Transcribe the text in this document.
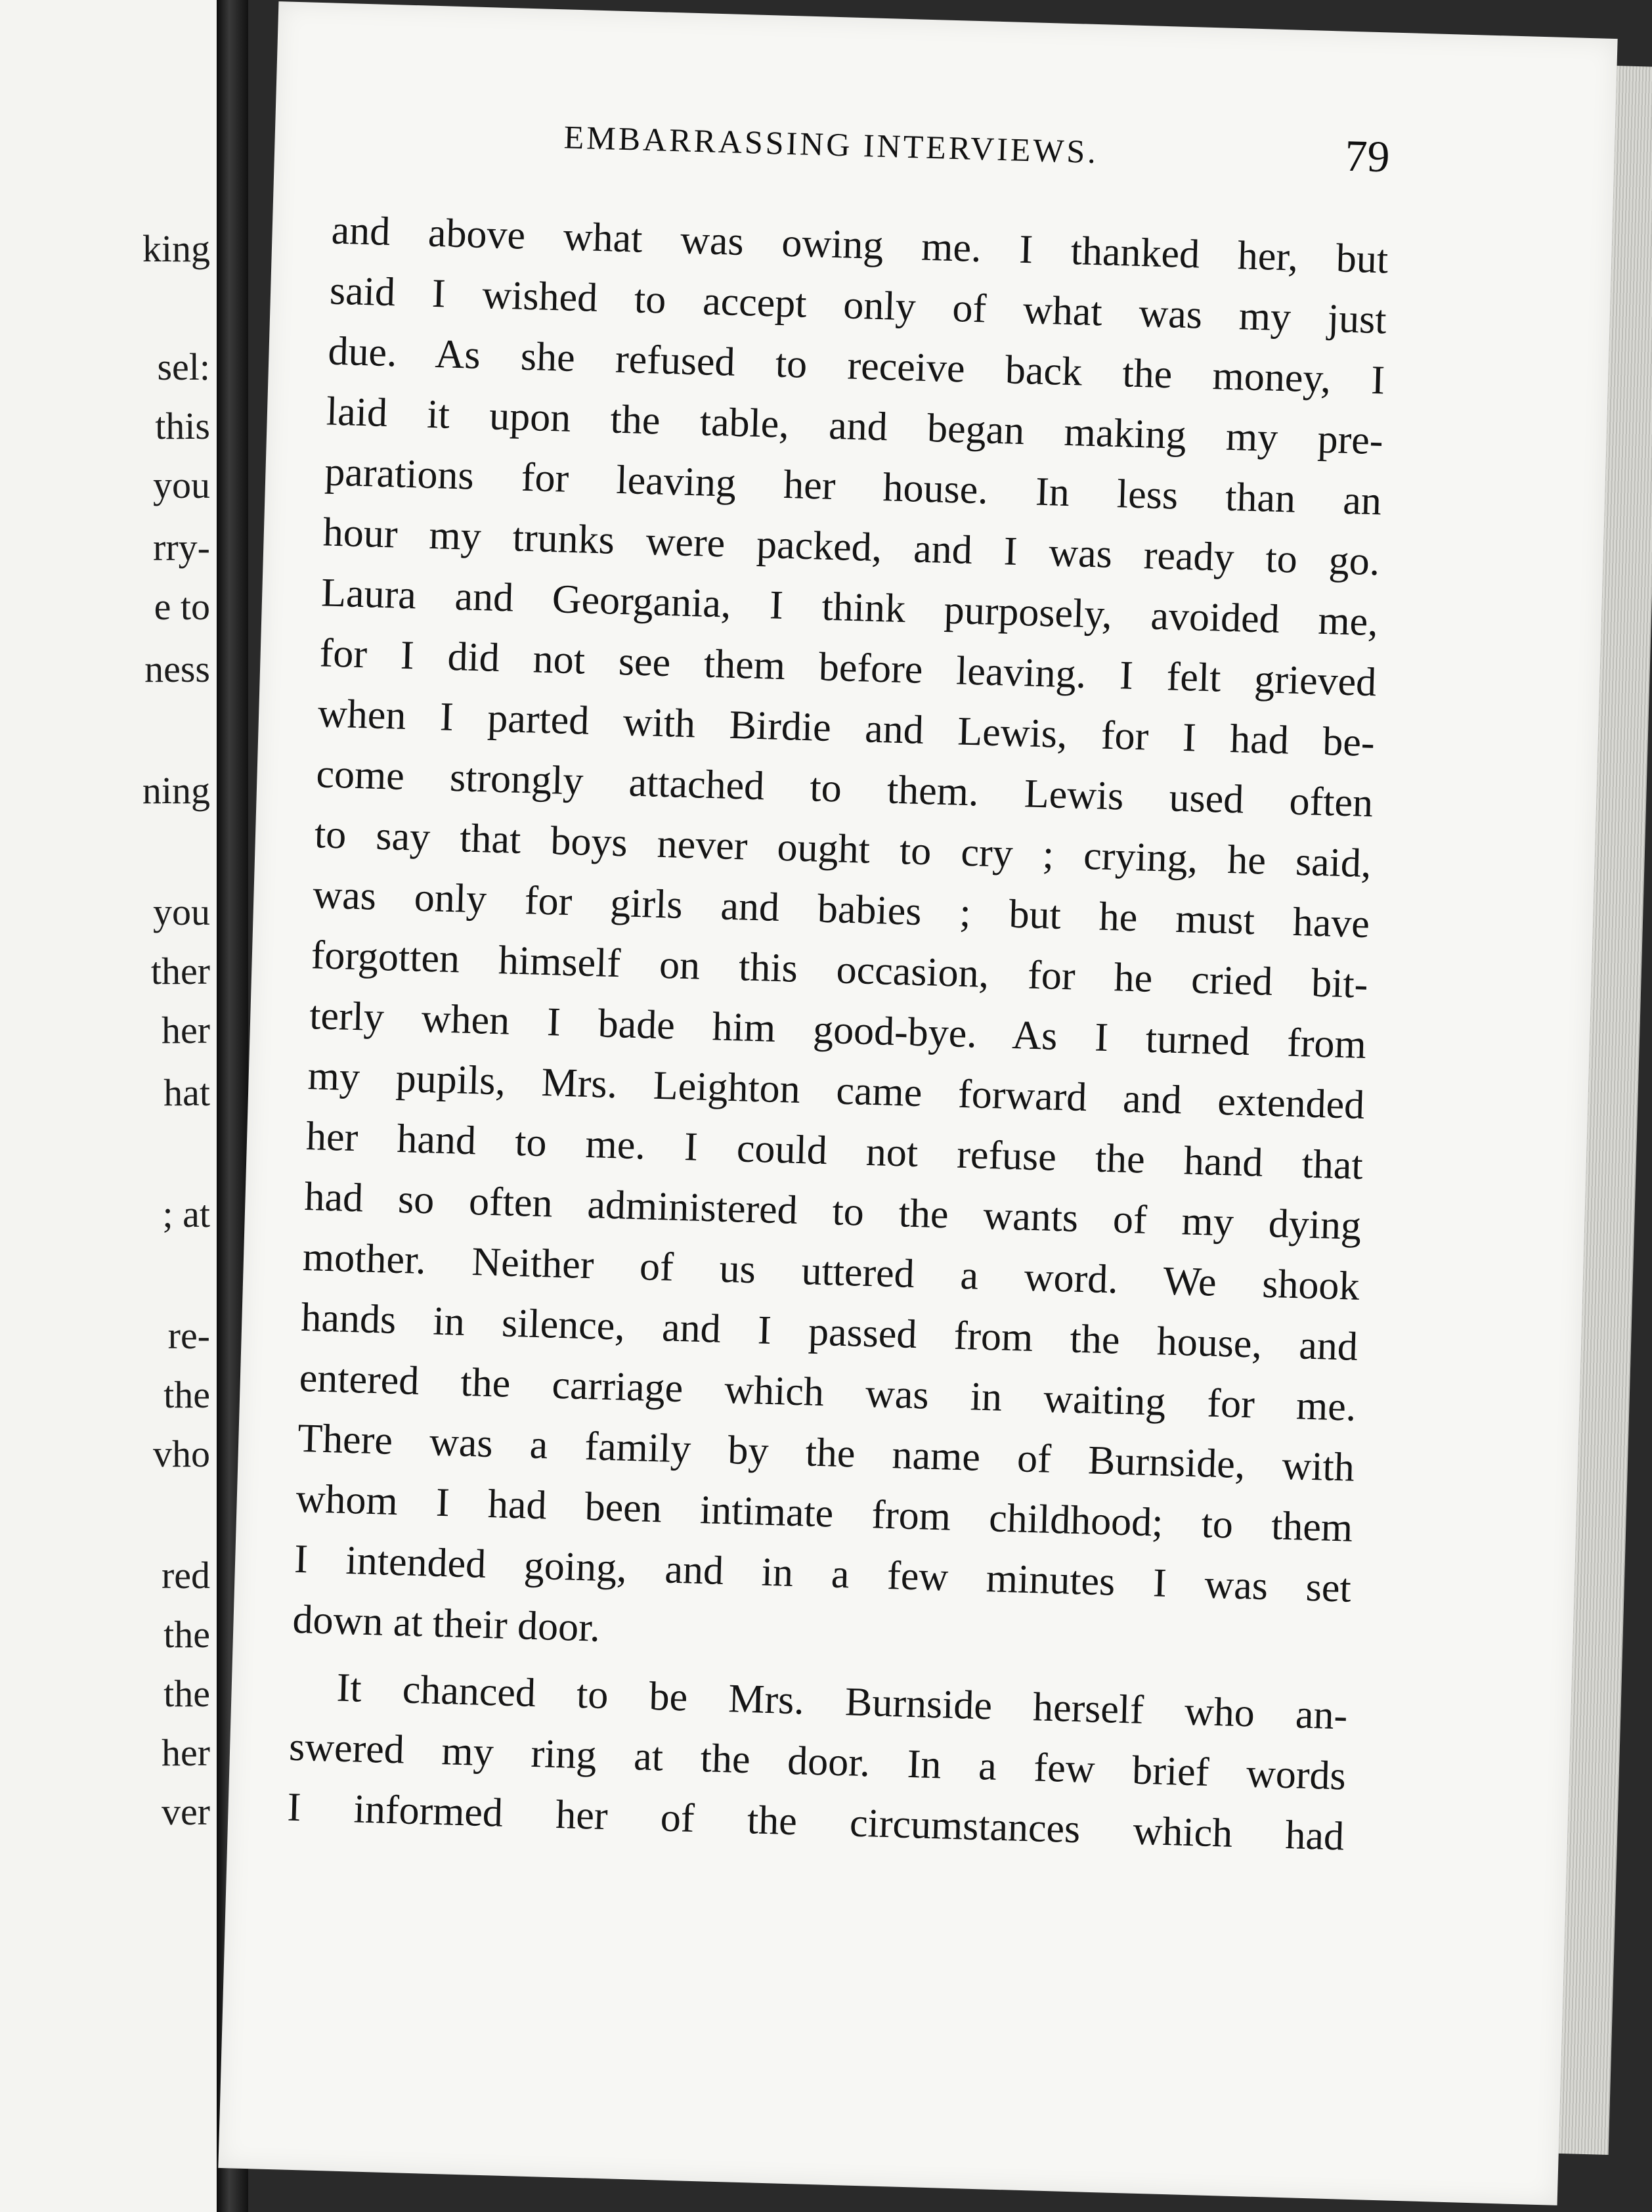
king
sel:
this
you
rry-
e to
ness
ning
you
ther
her
hat
; at
re-
the
vho
red
the
the
her
ver
EMBARRASSING INTERVIEWS.	79
and above what was owing me. I thanked her, but
said I wished to accept only of what was my just
due. As she refused to receive back the money, I
laid it upon the table, and began making my pre-
parations for leaving her house. In less than an
hour my trunks were packed, and I was ready to go.
Laura and Georgania, I think purposely, avoided me,
for I did not see them before leaving. I felt grieved
when I parted with Birdie and Lewis, for I had be-
come strongly attached to them. Lewis used often
to say that boys never ought to cry ; crying, he said,
was only for girls and babies ; but he must have
forgotten himself on this occasion, for he cried bit-
terly when I bade him good-bye. As I turned from
my pupils, Mrs. Leighton came forward and extended
her hand to me. I could not refuse the hand that
had so often administered to the wants of my dying
mother. Neither of us uttered a word. We shook
hands in silence, and I passed from the house, and
entered the carriage which was in waiting for me.
There was a family by the name of Burnside, with
whom I had been intimate from childhood; to them
I intended going, and in a few minutes I was set
down at their door.
It chanced to be Mrs. Burnside herself who an-
swered my ring at the door. In a few brief words
I informed her of the circumstances which had
